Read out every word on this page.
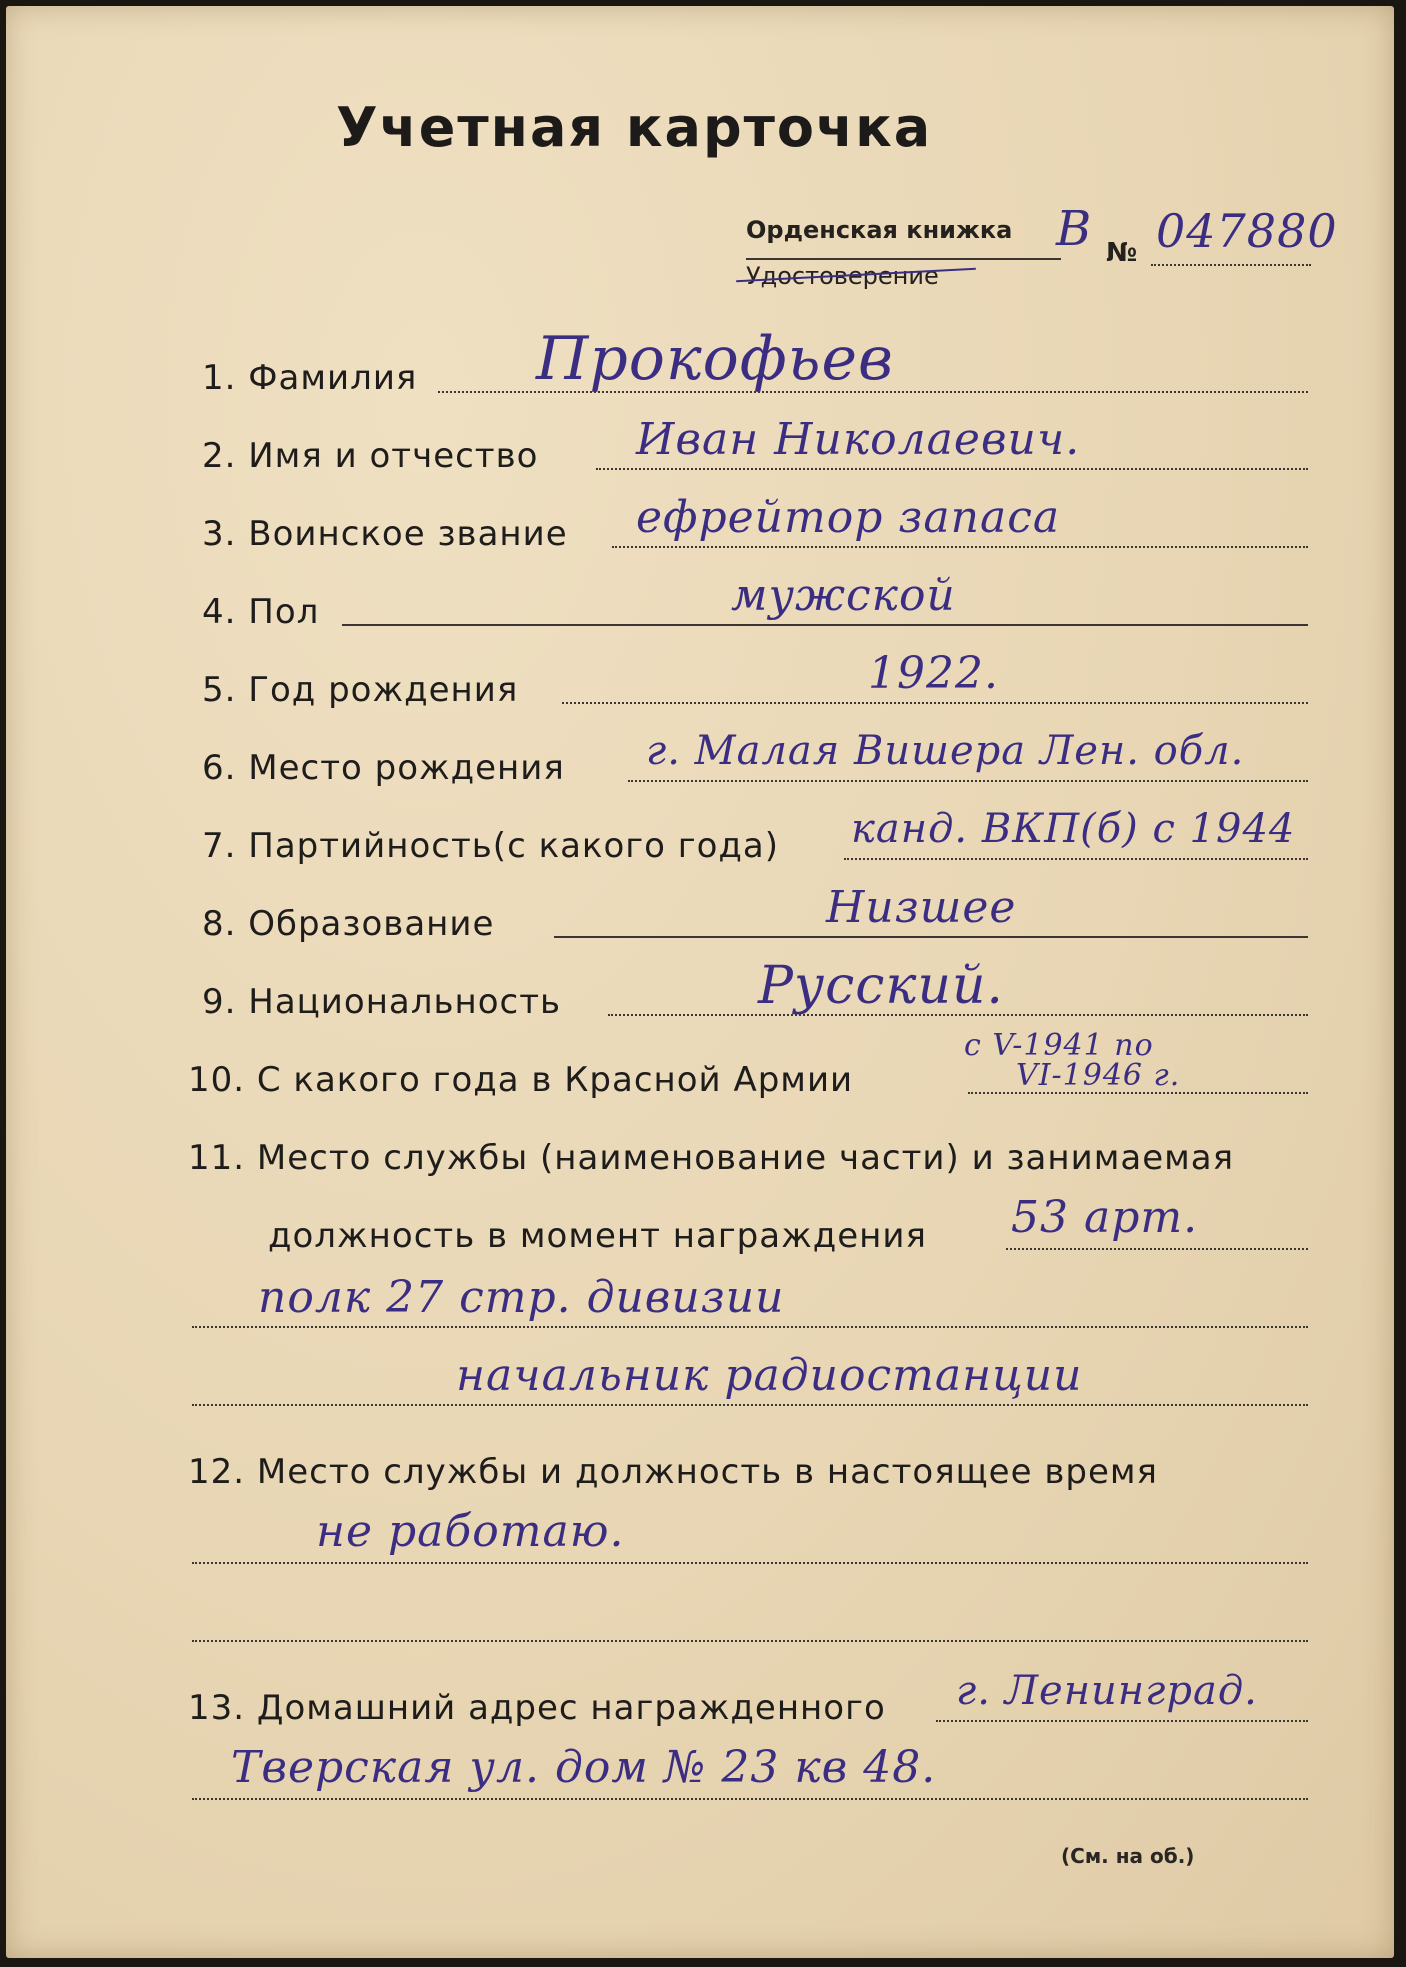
Учетная карточка
Орденская книжка
Удостоверение
В № 047880
1. Фамилия Прокофьев
2. Имя и отчество Иван Николаевич.
3. Воинское звание ефрейтор запаса
4. Пол	мужской
5. Год рождения	1922.
6. Место рождения г. Малая Вишера Лен. обл.
7. Партийность(с какого года) канд. ВКП(б) с 1944
8. Образование	Низшее
9. Национальность	Русский.
10. С какого года в Красной Армии
с V-1941 по
VI-1946 г.
11. Место службы (наименование части) и занимаемая
должность в момент награждения 53 арт.
полк 27 стр. дивизии
начальник радиостанции
12. Место службы и должность в настоящее время
не работаю.
13. Домашний адрес награжденного г. Ленинград.
Тверская ул. дом № 23 кв 48.
(См. на об.)
